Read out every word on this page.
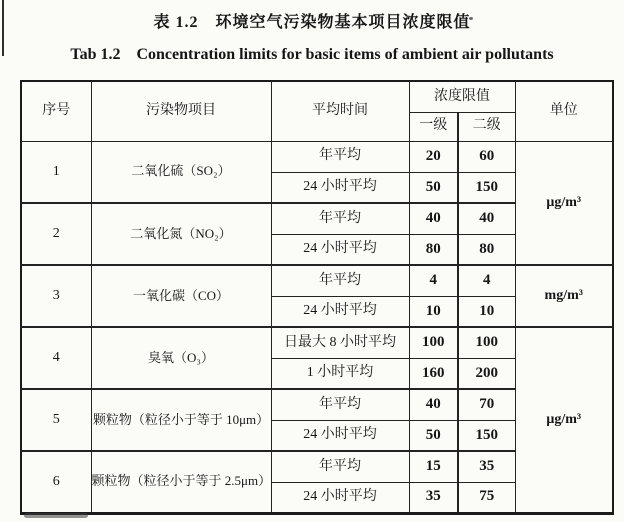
表 1.2　环境空气污染物基本项目浓度限值
Tab 1.2    Concentration limits for basic items of ambient air pollutants
序号	污染物项目	平均时间	浓度限值		单位
			一级	二级	
1	二氧化硫（SO₂）	年平均	20	60	μg/m³
		24 小时平均	50	150	
2	二氧化氮（NO₂）	年平均	40	40	
		24 小时平均	80	80	
3	一氧化碳（CO）	年平均	4	4	mg/m³
		24 小时平均	10	10	
4	臭氧（O₃）	日最大 8 小时平均	100	100	μg/m³
		1 小时平均	160	200	
5	颗粒物（粒径小于等于 10μm）	年平均	40	70	
		24 小时平均	50	150	
6	颗粒物（粒径小于等于 2.5μm）	年平均	15	35	
		24 小时平均	35	75	
